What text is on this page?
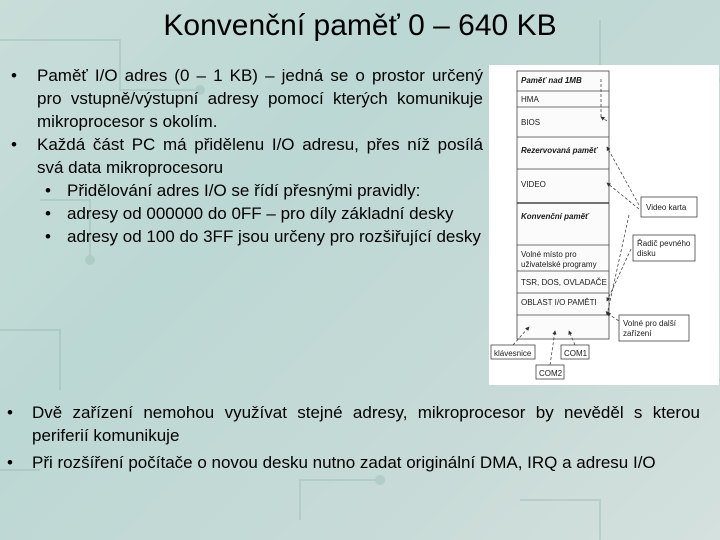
Konvenční paměť 0 – 640 KB
• Paměť I/O adres (0 – 1 KB) – jedná se o prostor určený pro vstupně/výstupní adresy pomocí kterých komunikuje mikroprocesor s okolím.
• Každá část PC má přidělenu I/O adresu, přes níž posílá svá data mikroprocesoru
• Přidělování adres I/O se řídí přesnými pravidly:
• adresy od 000000 do 0FF – pro díly základní desky
• adresy od 100 do 3FF jsou určeny pro rozšiřující desky
Paměť nad 1MB
HMA
BIOS
Rezervovaná paměť
VIDEO
Konvenční paměť
Volné místo pro
uživatelské programy
TSR, DOS, OVLADAČE
OBLAST I/O PAMĚTI
Video karta
Řadič pevného
disku
Volné pro další
zařízení
klávesnice	COM1
COM2
• Dvě zařízení nemohou využívat stejné adresy, mikroprocesor by nevěděl s kterou periferií komunikuje
• Při rozšíření počítače o novou desku nutno zadat originální DMA, IRQ a adresu I/O
